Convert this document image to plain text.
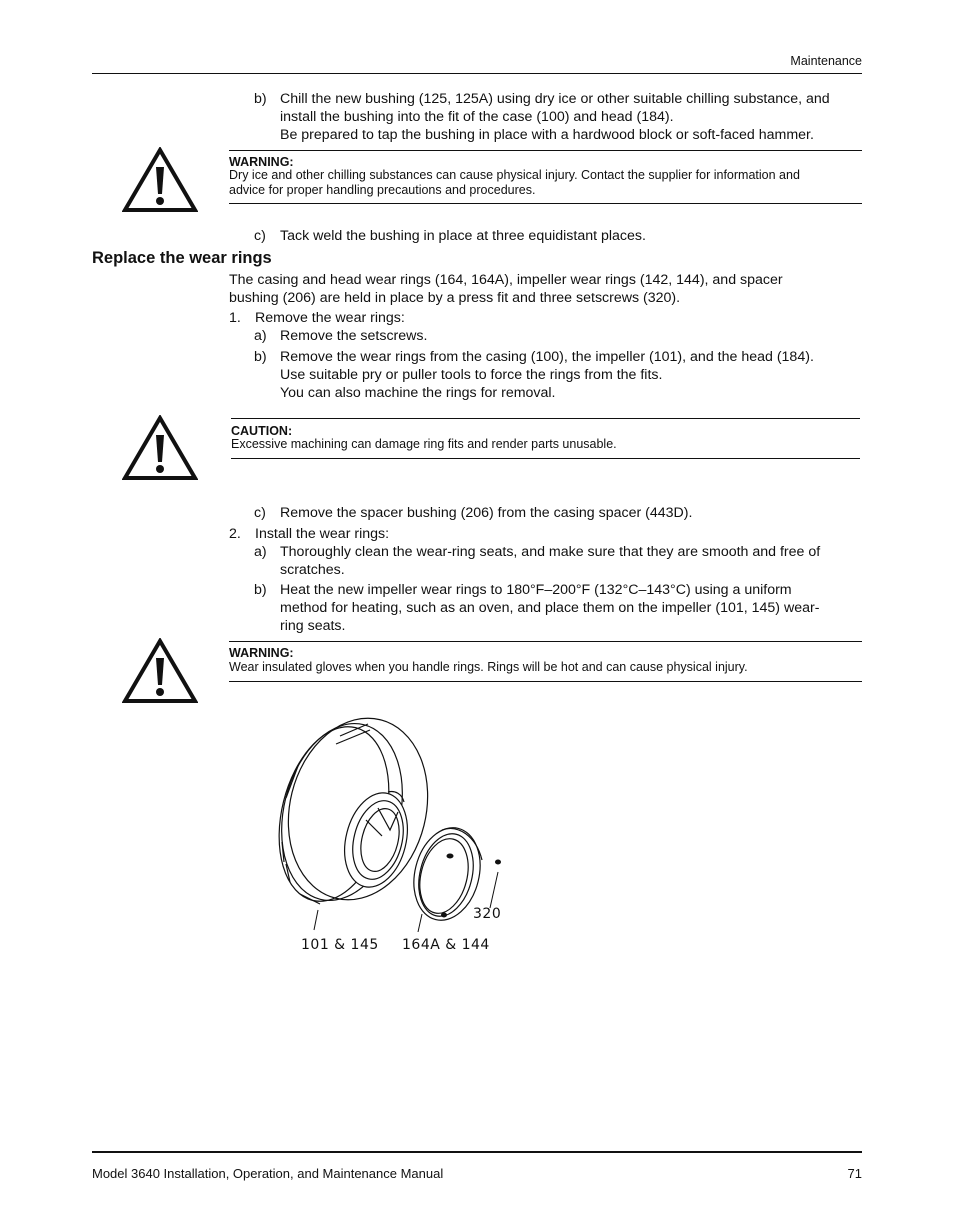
Maintenance
b) Chill the new bushing (125, 125A) using dry ice or other suitable chilling substance, and
install the bushing into the fit of the case (100) and head (184).
Be prepared to tap the bushing in place with a hardwood block or soft-faced hammer.
WARNING:
Dry ice and other chilling substances can cause physical injury. Contact the supplier for information and
advice for proper handling precautions and procedures.
c) Tack weld the bushing in place at three equidistant places.
Replace the wear rings
The casing and head wear rings (164, 164A), impeller wear rings (142, 144), and spacer
bushing (206) are held in place by a press fit and three setscrews (320).
1. Remove the wear rings:
a) Remove the setscrews.
b) Remove the wear rings from the casing (100), the impeller (101), and the head (184).
Use suitable pry or puller tools to force the rings from the fits.
You can also machine the rings for removal.
CAUTION:
Excessive machining can damage ring fits and render parts unusable.
c) Remove the spacer bushing (206) from the casing spacer (443D).
2. Install the wear rings:
a) Thoroughly clean the wear-ring seats, and make sure that they are smooth and free of
scratches.
b) Heat the new impeller wear rings to 180°F–200°F (132°C–143°C) using a uniform
method for heating, such as an oven, and place them on the impeller (101, 145) wear-
ring seats.
WARNING:
Wear insulated gloves when you handle rings. Rings will be hot and can cause physical injury.
101 & 145 164A & 144
320
Model 3640 Installation, Operation, and Maintenance Manual	71
